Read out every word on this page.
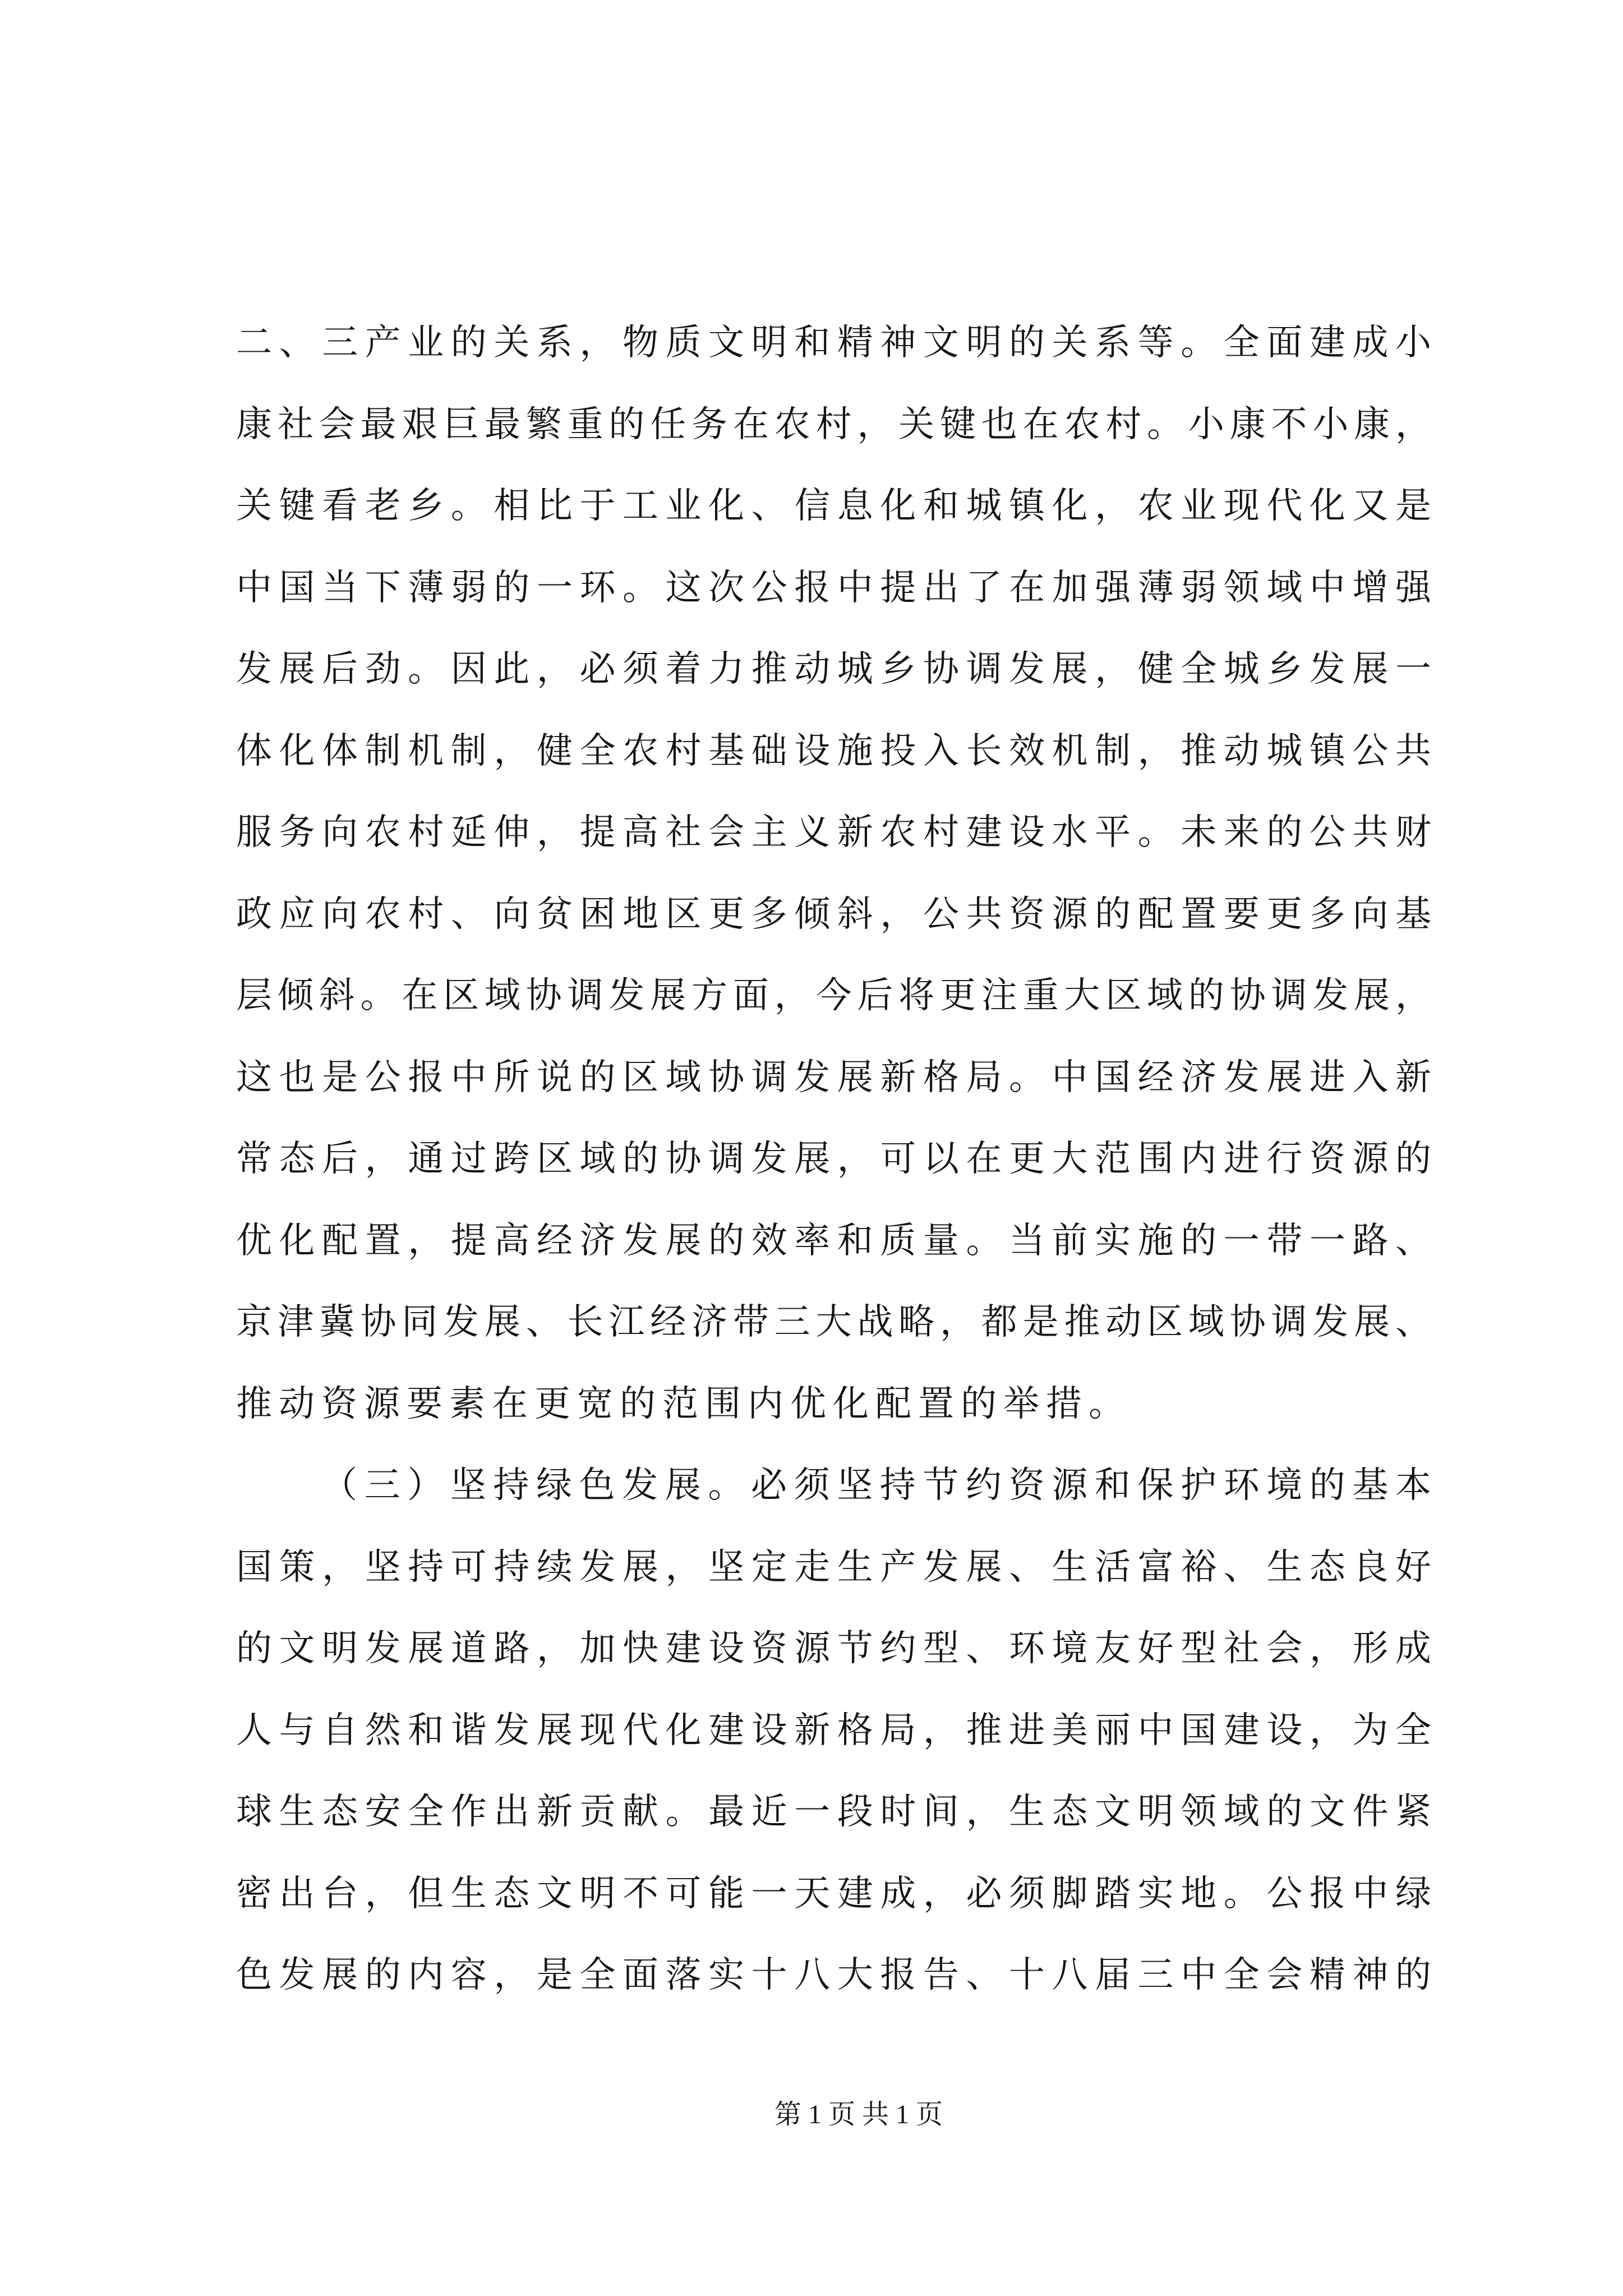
二、三产业的关系，物质文明和精神文明的关系等。全面建成小
康社会最艰巨最繁重的任务在农村，关键也在农村。小康不小康，
关键看老乡。相比于工业化、信息化和城镇化，农业现代化又是
中国当下薄弱的一环。这次公报中提出了在加强薄弱领域中增强
发展后劲。因此，必须着力推动城乡协调发展，健全城乡发展一
体化体制机制，健全农村基础设施投入长效机制，推动城镇公共
服务向农村延伸，提高社会主义新农村建设水平。未来的公共财
政应向农村、向贫困地区更多倾斜，公共资源的配置要更多向基
层倾斜。在区域协调发展方面，今后将更注重大区域的协调发展，
这也是公报中所说的区域协调发展新格局。中国经济发展进入新
常态后，通过跨区域的协调发展，可以在更大范围内进行资源的
优化配置，提高经济发展的效率和质量。当前实施的一带一路、
京津冀协同发展、长江经济带三大战略，都是推动区域协调发展、
推动资源要素在更宽的范围内优化配置的举措。
（三）坚持绿色发展。必须坚持节约资源和保护环境的基本
国策，坚持可持续发展，坚定走生产发展、生活富裕、生态良好
的文明发展道路，加快建设资源节约型、环境友好型社会，形成
人与自然和谐发展现代化建设新格局，推进美丽中国建设，为全
球生态安全作出新贡献。最近一段时间，生态文明领域的文件紧
密出台，但生态文明不可能一天建成，必须脚踏实地。公报中绿
色发展的内容，是全面落实十八大报告、十八届三中全会精神的
第 1 页 共 1 页
